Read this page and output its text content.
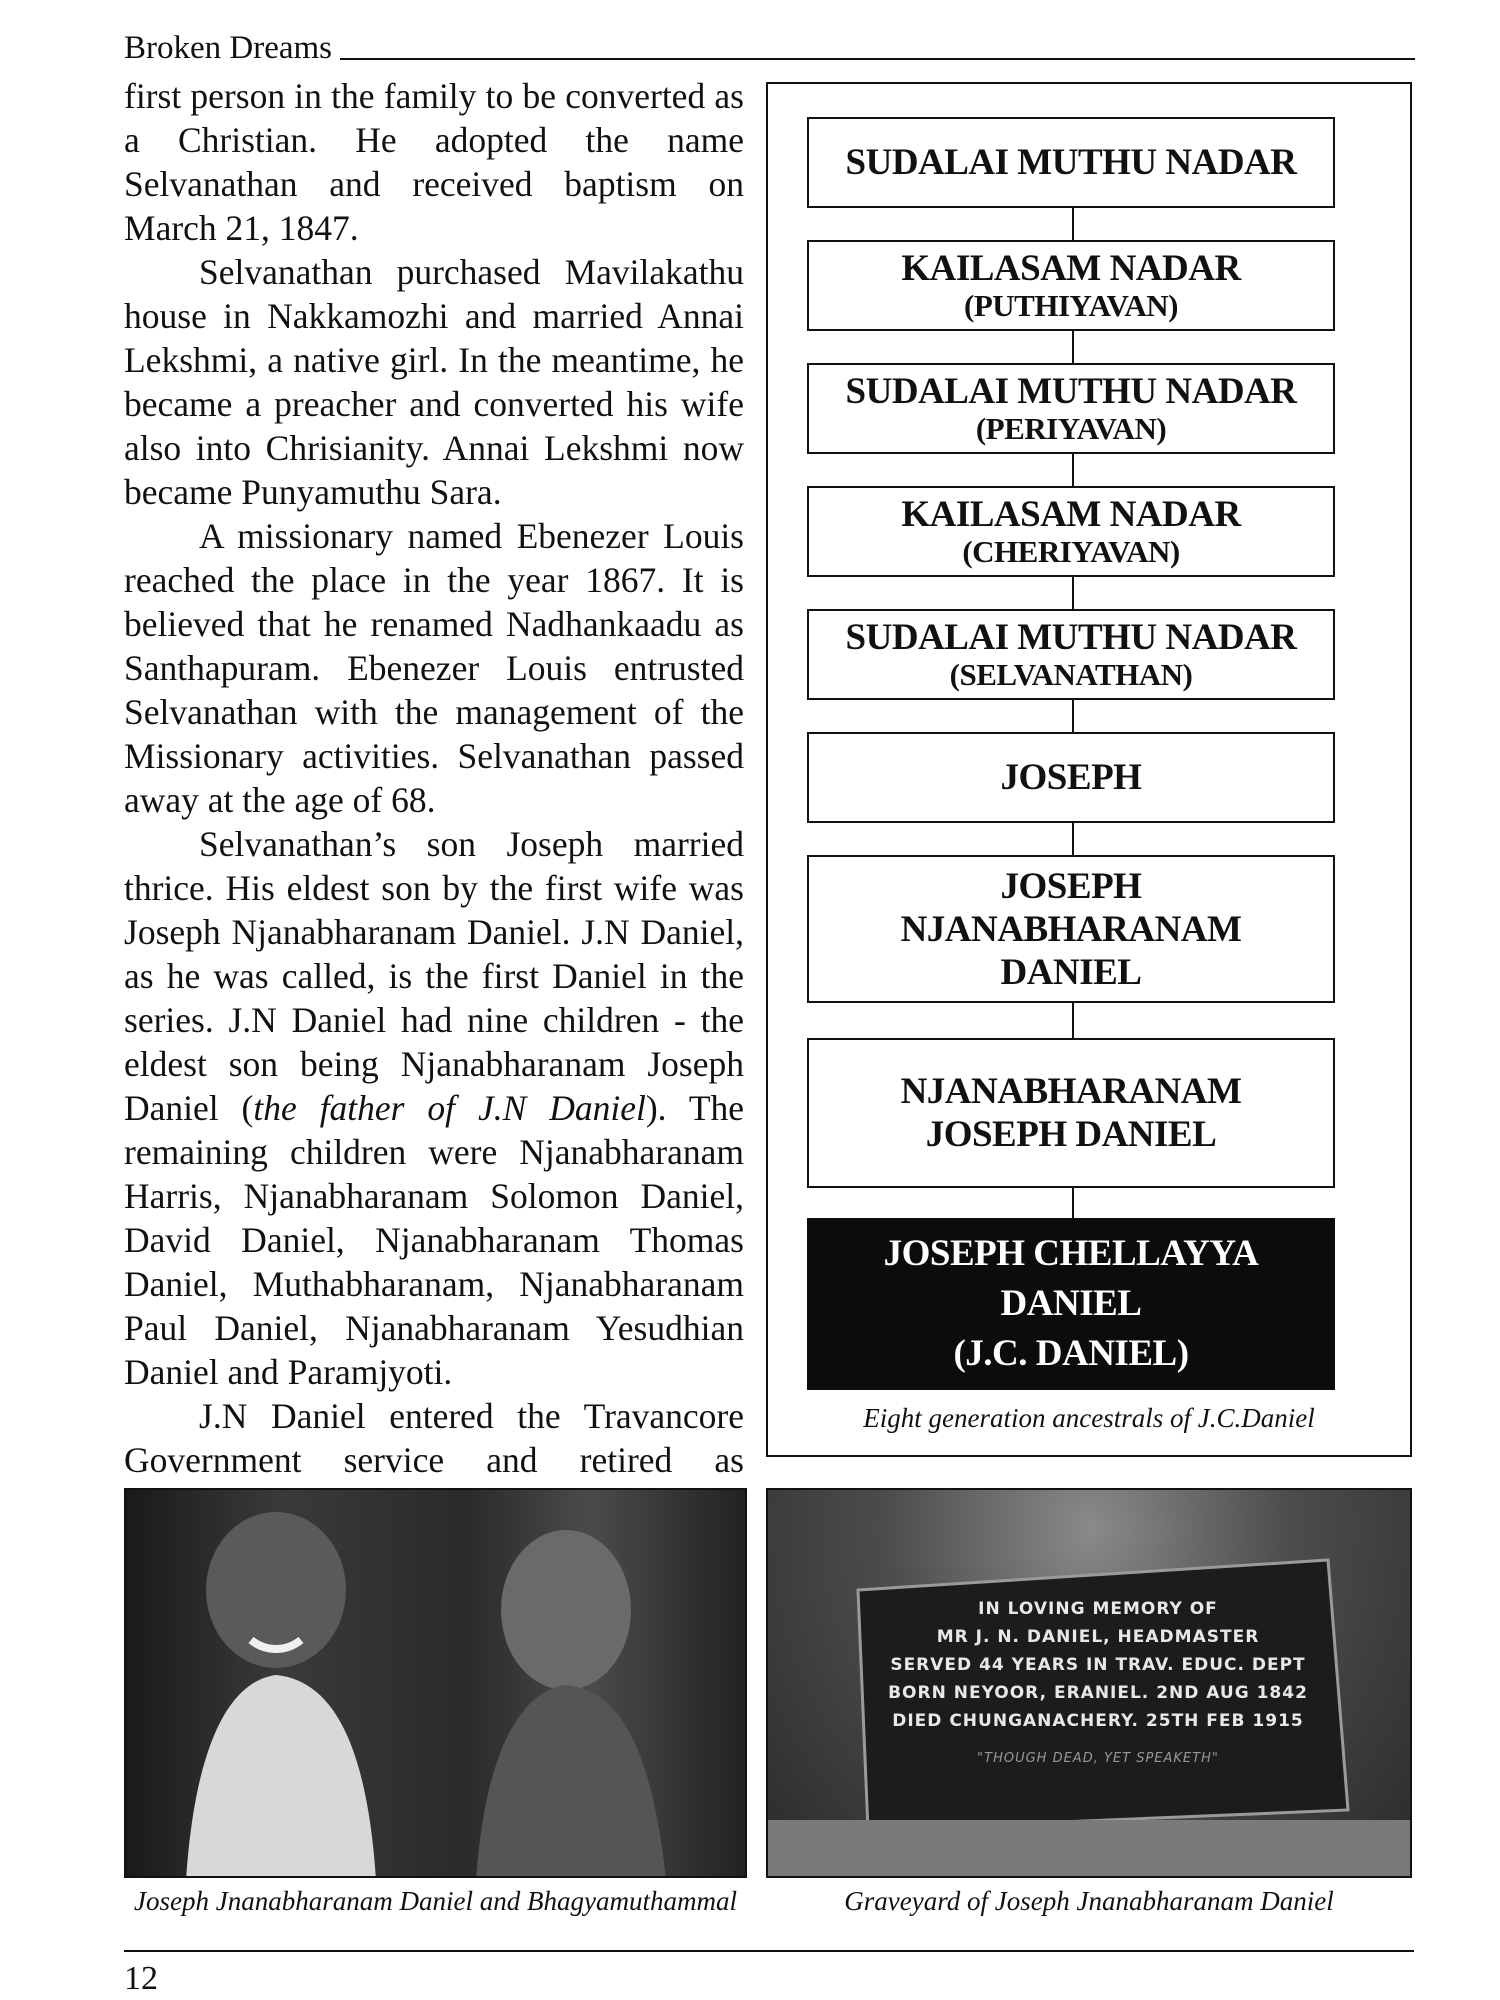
Broken Dreams

first person in the family to be converted as a Christian. He adopted the name Selvanathan and received baptism on March 21, 1847.

Selvanathan purchased Mavilakathu house in Nakkamozhi and married Annai Lekshmi, a native girl. In the meantime, he became a preacher and converted his wife also into Chrisianity. Annai Lekshmi now became Punyamuthu Sara.

A missionary named Ebenezer Louis reached the place in the year 1867. It is believed that he renamed Nadhankaadu as Santhapuram. Ebenezer Louis entrusted Selvanathan with the management of the Missionary activities. Selvanathan passed away at the age of 68.

Selvanathan’s son Joseph married thrice. His eldest son by the first wife was Joseph Njanabharanam Daniel. J.N Daniel, as he was called, is the first Daniel in the series. J.N Daniel had nine children - the eldest son being Njanabharanam Joseph Daniel (the father of J.N Daniel). The remaining children were Njanabharanam Harris, Njanabharanam Solomon Daniel, David Daniel, Njanabharanam Thomas Daniel, Muthabharanam, Njanabharanam Paul Daniel, Njanabharanam Yesudhian Daniel and Paramjyoti.

J.N Daniel entered the Travancore Government service and retired as

SUDALAI MUTHU NADAR
KAILASAM NADAR
(PUTHIYAVAN)
SUDALAI MUTHU NADAR
(PERIYAVAN)
KAILASAM NADAR
(CHERIYAVAN)
SUDALAI MUTHU NADAR
(SELVANATHAN)
JOSEPH
JOSEPH
NJANABHARANAM
DANIEL
NJANABHARANAM
JOSEPH DANIEL
JOSEPH CHELLAYYA
DANIEL
(J.C. DANIEL)
Eight generation ancestrals of J.C.Daniel
Joseph Jnanabharanam Daniel and Bhagyamuthammal
IN LOVING MEMORY OF
MR J. N. DANIEL, HEADMASTER
SERVED 44 YEARS IN TRAV. EDUC. DEPT
BORN NEYOOR, ERANIEL. 2ND AUG 1842
DIED CHUNGANACHERY. 25TH FEB 1915
"THOUGH DEAD, YET SPEAKETH"
Graveyard of Joseph Jnanabharanam Daniel
12
